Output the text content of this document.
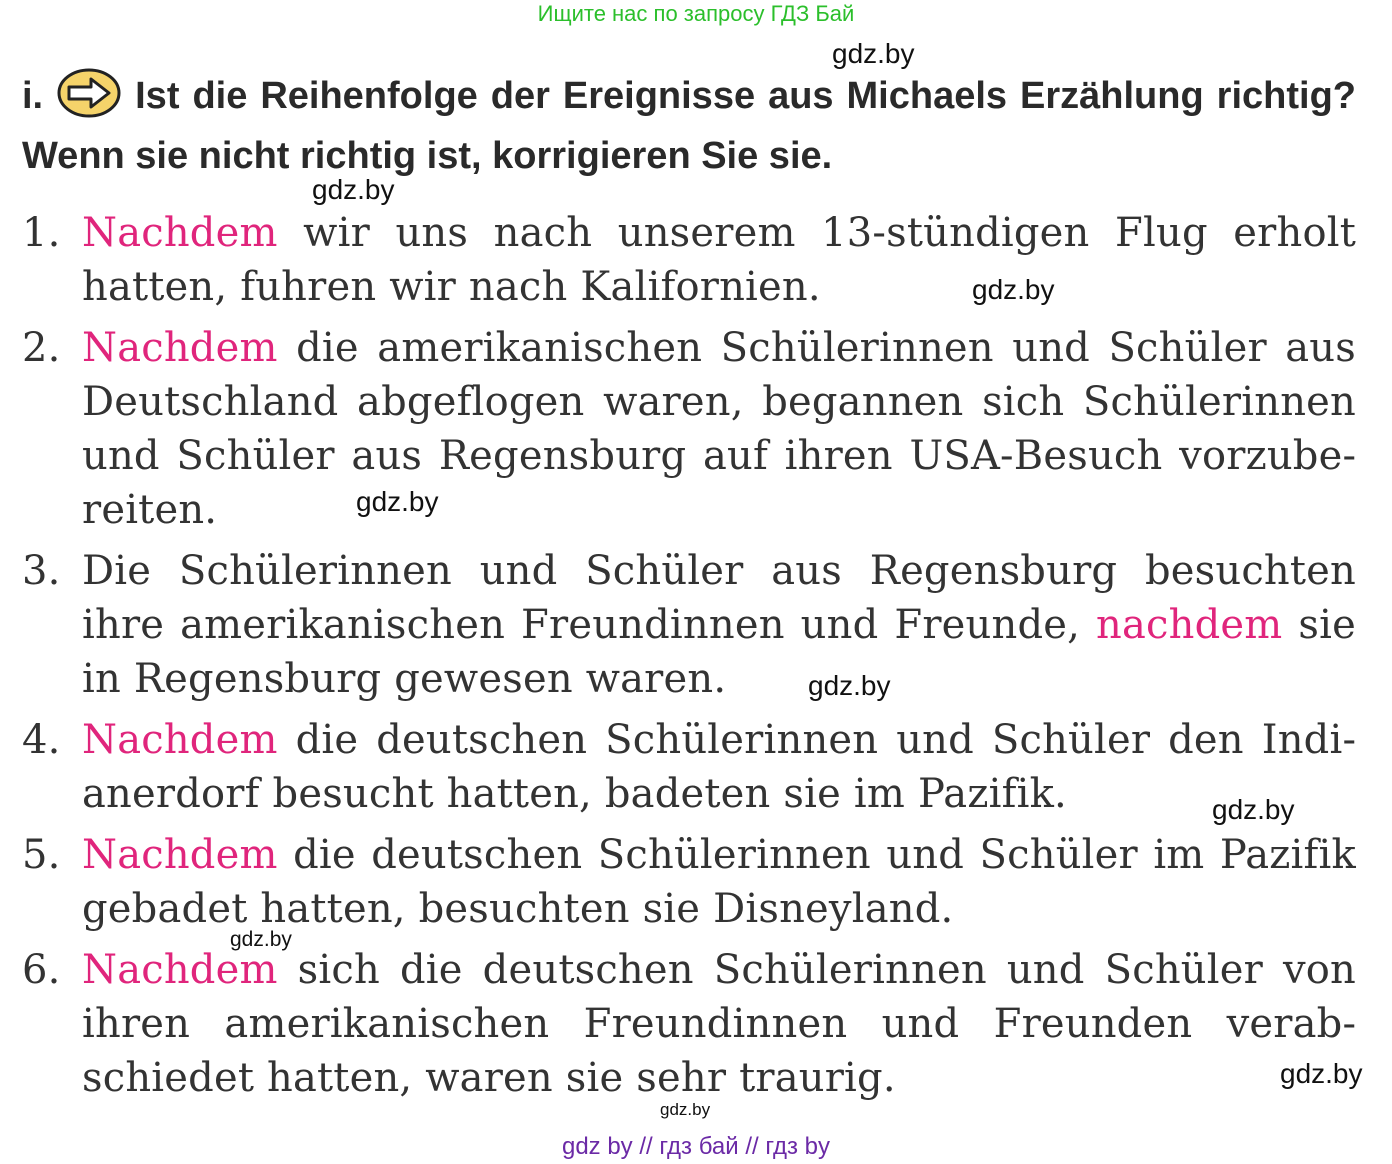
Ищите нас по запросу ГДЗ Бай
gdz.by
gdz.by
gdz.by
gdz.by
gdz.by
gdz.by
gdz.by
gdz.by
gdz.by
i. Ist die Reihenfolge der Ereignisse aus Michaels Erzählung richtig? Wenn sie nicht richtig ist, korrigieren Sie sie.
1. Nachdem wir uns nach unserem 13-stündigen Flug erholt hatten, fuhren wir nach Kalifornien.
2. Nachdem die amerikanischen Schülerinnen und Schüler aus Deutschland abgeflogen waren, begannen sich Schülerinnen und Schüler aus Regensburg auf ihren USA-Besuch vorzubereiten.
3. Die Schülerinnen und Schüler aus Regensburg besuchten ihre amerikanischen Freundinnen und Freunde, nachdem sie in Regensburg gewesen waren.
4. Nachdem die deutschen Schülerinnen und Schüler den Indianerdorf besucht hatten, badeten sie im Pazifik.
5. Nachdem die deutschen Schülerinnen und Schüler im Pazifik gebadet hatten, besuchten sie Disneyland.
6. Nachdem sich die deutschen Schülerinnen und Schüler von ihren amerikanischen Freundinnen und Freunden verabschiedet hatten, waren sie sehr traurig.
gdz by // гдз бай // гдз by
